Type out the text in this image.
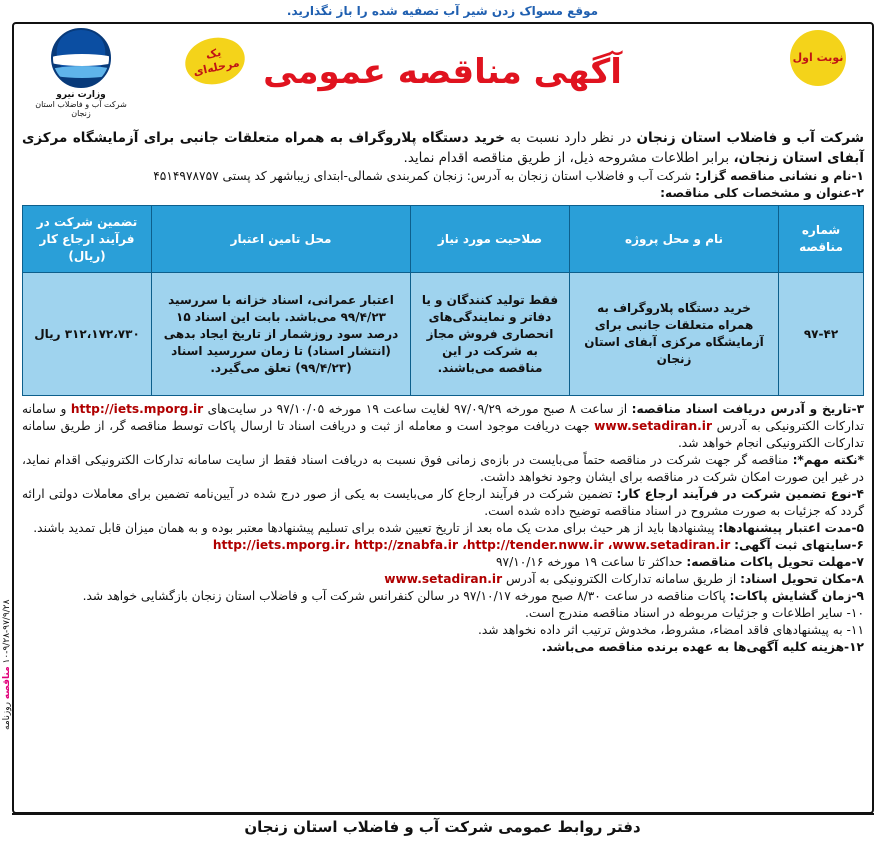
موقع مسواک زدن شیر آب تصفیه شده را باز نگذارید.
۱۰-۹/۲۸-۹۷/۹/۲۸ مناقصه روزنامه
وزارت نیرو
شرکت آب و فاضلاب استان زنجان
یک مرحله‌ای	نوبت اول
آگهی مناقصه عمومی

شرکت آب و فاضلاب استان زنجان در نظر دارد نسبت به خرید دستگاه پلاروگراف به همراه متعلقات جانبی برای آزمایشگاه مرکزی آبفای استان زنجان، برابر اطلاعات مشروحه ذیل، از طریق مناقصه اقدام نماید.

۱-نام و نشانی مناقصه گزار: شرکت آب و فاضلاب استان زنجان به آدرس: زنجان کمربندی شمالی-ابتدای زیباشهر کد پستی ۴۵۱۴۹۷۸۷۵۷

۲-عنوان و مشخصات کلی مناقصه:

شماره مناقصه	نام و محل پروژه	صلاحیت مورد نیاز	محل تامین اعتبار	تضمین شرکت در فرآیند ارجاع کار (ریال)
۹۷-۴۲	خرید دستگاه پلاروگراف به همراه متعلقات جانبی برای آزمایشگاه مرکزی آبفای استان زنجان	فقط تولید کنندگان و یا دفاتر و نمایندگی‌های انحصاری فروش مجاز به شرکت در این مناقصه می‌باشند.	اعتبار عمرانی، اسناد خزانه با سررسید ۹۹/۴/۲۳ می‌باشد. بابت این اسناد ۱۵ درصد سود روزشمار از تاریخ ایجاد بدهی (انتشار اسناد) تا زمان سررسید اسناد (۹۹/۴/۲۳) تعلق می‌گیرد.	۳۱۲،۱۷۲،۷۳۰ ریال

۳-تاریخ و آدرس دریافت اسناد مناقصه: از ساعت ۸ صبح مورخه ۹۷/۰۹/۲۹ لغایت ساعت ۱۹ مورخه ۹۷/۱۰/۰۵ در سایت‌های http://iets.mporg.ir و سامانه تدارکات الکترونیکی به آدرس www.setadiran.ir جهت دریافت موجود است و معامله از ثبت و دریافت اسناد تا ارسال پاکات توسط مناقصه گر، از طریق سامانه تدارکات الکترونیکی انجام خواهد شد.

*نکته مهم*: مناقصه گر جهت شرکت در مناقصه حتماً می‌بایست در بازه‌ی زمانی فوق نسبت به دریافت اسناد فقط از سایت سامانه تدارکات الکترونیکی اقدام نماید، در غیر این صورت امکان شرکت در مناقصه برای ایشان وجود نخواهد داشت.

۴-نوع تضمین شرکت در فرآیند ارجاع کار: تضمین شرکت در فرآیند ارجاع کار می‌بایست به یکی از صور درج شده در آیین‌نامه تضمین برای معاملات دولتی ارائه گردد که جزئیات به صورت مشروح در اسناد مناقصه توضیح داده شده است.

۵-مدت اعتبار پیشنهادها: پیشنهادها باید از هر حیث برای مدت یک ماه بعد از تاریخ تعیین شده برای تسلیم پیشنهادها معتبر بوده و به همان میزان قابل تمدید باشند.

۶-سایتهای ثبت آگهی: http://iets.mporg.ir، http://znabfa.ir ،http://tender.nww.ir ،www.setadiran.ir

۷-مهلت تحویل پاکات مناقصه: حداکثر تا ساعت ۱۹ مورخه ۹۷/۱۰/۱۶

۸-مکان تحویل اسناد: از طریق سامانه تدارکات الکترونیکی به آدرس www.setadiran.ir

۹-زمان گشایش پاکات: پاکات مناقصه در ساعت ۸/۳۰ صبح مورخه ۹۷/۱۰/۱۷ در سالن کنفرانس شرکت آب و فاضلاب استان زنجان بازگشایی خواهد شد.

۱۰- سایر اطلاعات و جزئیات مربوطه در اسناد مناقصه مندرج است.

۱۱- به پیشنهادهای فاقد امضاء، مشروط، مخدوش ترتیب اثر داده نخواهد شد.

۱۲-هزینه کلیه آگهی‌ها به عهده برنده مناقصه می‌باشد.

دفتر روابط عمومی شرکت آب و فاضلاب استان زنجان
